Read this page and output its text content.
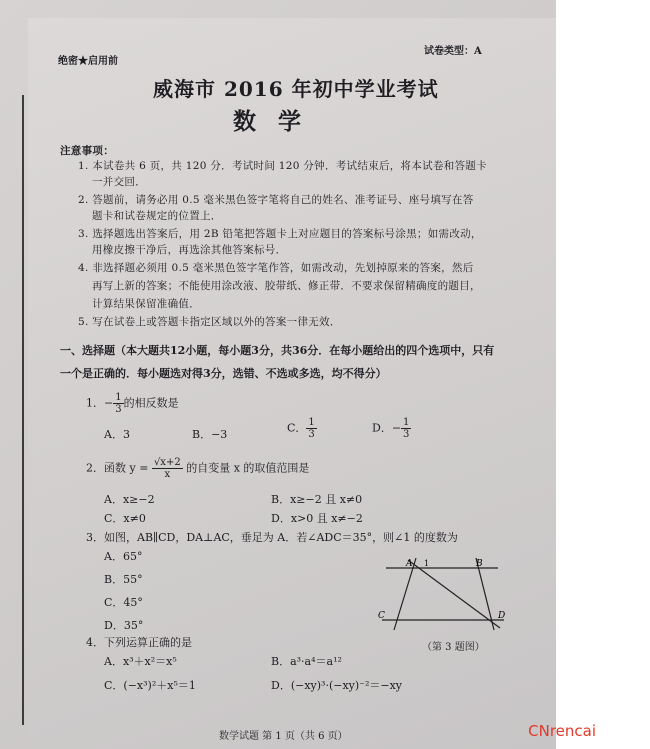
绝密★启用前
试卷类型：A
威海市 2016 年初中学业考试
数学
注意事项：
1. 本试卷共 6 页，共 120 分．考试时间 120 分钟．考试结束后，将本试卷和答题卡
一并交回．
2. 答题前，请务必用 0.5 毫米黑色签字笔将自己的姓名、准考证号、座号填写在答
题卡和试卷规定的位置上．
3. 选择题选出答案后，用 2B 铅笔把答题卡上对应题目的答案标号涂黑；如需改动，
用橡皮擦干净后，再选涂其他答案标号．
4. 非选择题必须用 0.5 毫米黑色签字笔作答，如需改动，先划掉原来的答案，然后
再写上新的答案；不能使用涂改液、胶带纸、修正带．不要求保留精确度的题目，
计算结果保留准确值．
5. 写在试卷上或答题卡指定区域以外的答案一律无效．
一、选择题（本大题共12小题，每小题3分，共36分．在每小题给出的四个选项中，只有
一个是正确的．每小题选对得3分，选错、不选或多选，均不得分）
1．− $\frac{1}{3}$ 的相反数是
A．3	B．−3	C． $\frac{1}{3}$	D．− $\frac{1}{3}$
2．函数 $y = \frac{√x+2}{x}$ 的自变量 x 的取值范围是
A．x≥−2	B．x≥−2 且 x≠0
C．x≠0	D．x>0 且 x≠−2
3．如图，AB∥CD，DA⊥AC，垂足为 A．若∠ADC＝35°，则∠1 的度数为
A．65°
B．55°
C．45°
D．35°
A 1	B
C	D
（第 3 题图）
4．下列运算正确的是
A．x³＋x²＝x⁵	B．a³·a⁴＝a¹²
C．(−x³)²＋x⁵＝1	D．(−xy)³·(−xy)⁻²＝−xy
数学试题 第 1 页（共 6 页）	CNrencai
